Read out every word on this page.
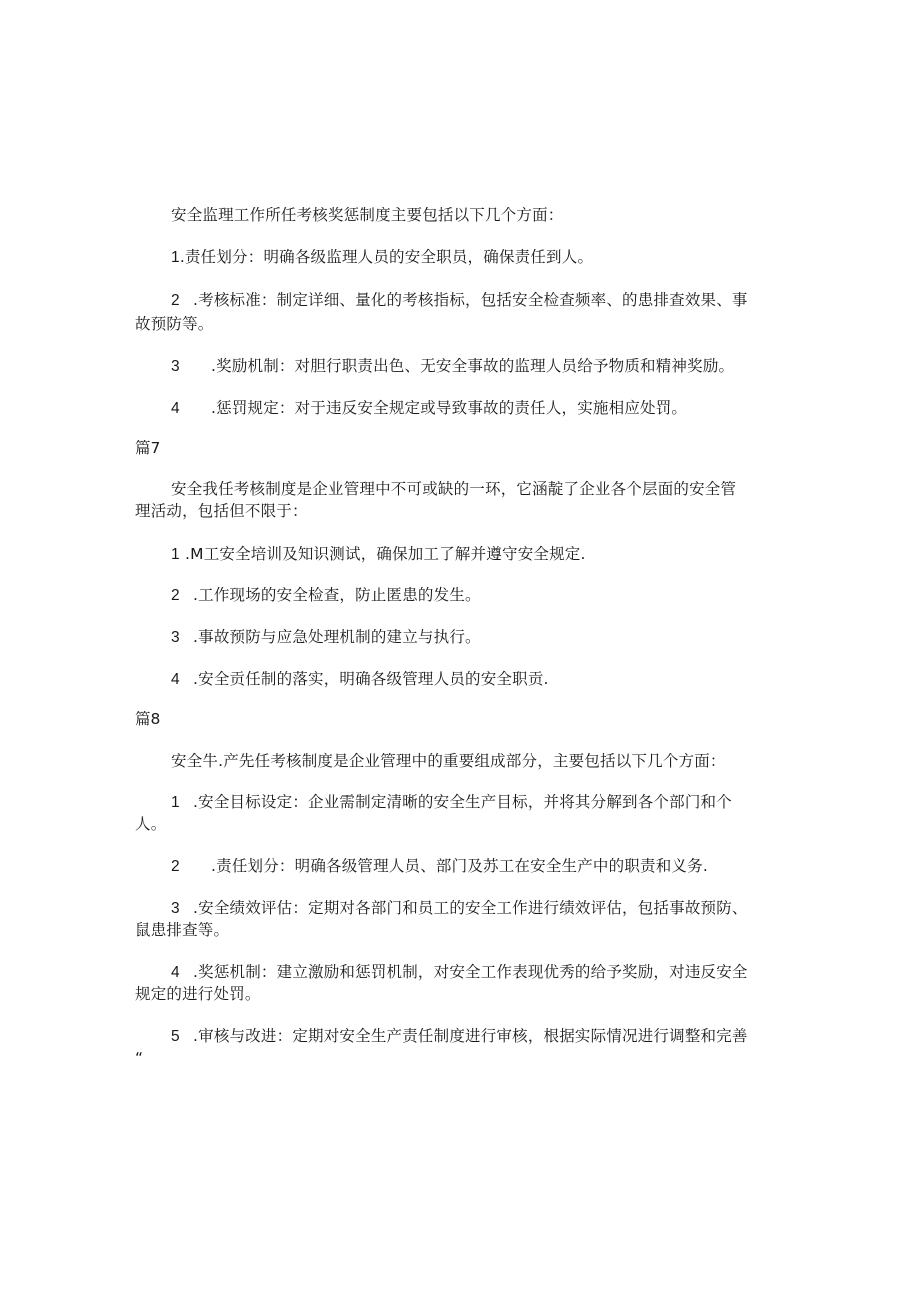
安全监理工作所任考核奖惩制度主要包括以下几个方面：
1.责任划分：明确各级监理人员的安全职员，确保责任到人。
2 .考核标准：制定详细、量化的考核指标，包括安全检查频率、的患排查效果、事
故预防等。
3 .奖励机制：对胆行职责出色、无安全事故的监理人员给予物质和精神奖励。
4 .惩罚规定：对于违反安全规定或导致事故的责任人，实施相应处罚。
篇7
安全我任考核制度是企业管理中不可或缺的一环，它涵靛了企业各个层面的安全管
理活动，包括但不限于：
1 .M工安全培训及知识测试，确保加工了解并遵守安全规定.
2 .工作现场的安全检查，防止匿患的发生。
3 .事故预防与应急处理机制的建立与执行。
4 .安全贡任制的落实，明确各级管理人员的安全职贡.
篇8
安全牛.产先任考核制度是企业管理中的重要组成部分，主要包括以下几个方面：
1 .安全目标设定：企业需制定清晰的安全生产目标，并将其分解到各个部门和个
人。
2 .责任划分：明确各级管理人员、部门及苏工在安全生产中的职责和义务.
3 .安全绩效评估：定期对各部门和员工的安全工作进行绩效评估，包括事故预防、
鼠患排查等。
4 .奖惩机制：建立激励和惩罚机制，对安全工作表现优秀的给予奖励，对违反安全
规定的进行处罚。
5 .审核与改进：定期对安全生产责任制度进行审核，根据实际情况进行调整和完善
“
